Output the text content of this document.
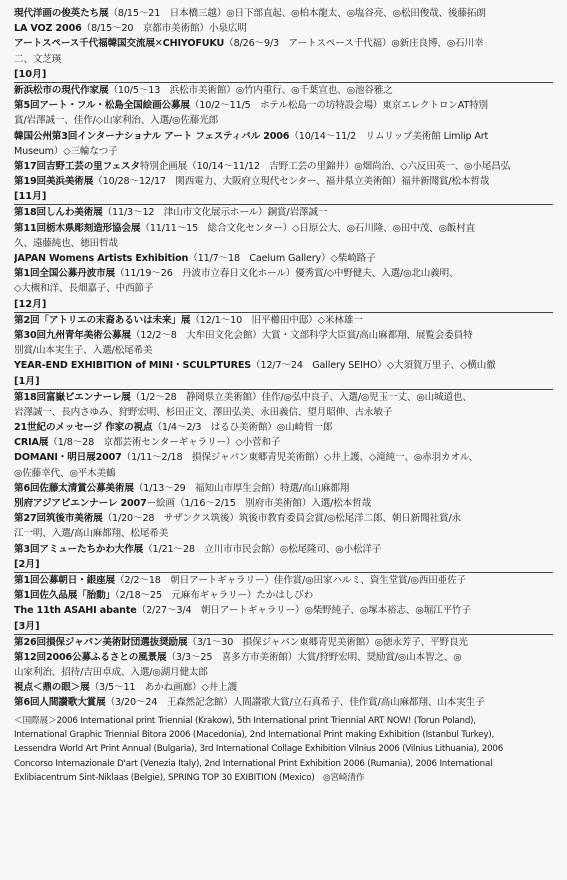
現代洋画の俊英たち展（8/15～21　日本橋三越）◎日下部直起、◎柏本龍太、◎塩谷亮、◎松田俊哉、後藤拓朗
LA VOZ 2006（8/15～20　京都市美術館）小泉広明
アートスペース千代福韓国交流展✕CHIYOFUKU（8/26～9/3　アートスペース千代福）◎新庄良博、◎石川幸
二、文芝瑛
[10月]
新浜松市の現代作家展（10/5～13　浜松市美術館）◎竹内重行、◎千葉宣也、◎池谷雅之
第5回アート・フル・松島全国絵画公募展（10/2～11/5　ホテル松島一の坊特設会場）東京エレクトロンAT特別
賞/岩澤誠一、佳作/◇山家利治、入選/◎佐藤光郎
韓国公州第3回インターナショナル アート フェスティバル 2006（10/14～11/2　リムリップ美術館 Limlip Art
Museum）◇三輪なつ子
第17回吉野工芸の里フェスタ特別企画展（10/14～11/12　吉野工芸の里錦井）◎畑尚治、◇六反田英一、◎小尾昌弘
第19回美浜美術展（10/28～12/17　関西電力、大阪府立現代センター、福井県立美術館）福井新聞賞/松本哲哉
[11月]
第18回しんわ美術展（11/3～12　津山市文化展示ホール）銅賞/岩澤誠一
第11回栃木県彫刻造形協会展（11/11～15　総合文化センター）◇日原公大、◎石川隆、◎田中茂、◎飯村直
久、遠藤純也、徳田哲哉
JAPAN Womens Artists Exhibition（11/7～18　Caelum Gallery）◇柴崎路子
第1回全国公募丹波市展（11/19～26　丹波市立春日文化ホール）優秀賞/◇中野健夫、入選/◎北山義明、
◇大槻和洋、長畑嘉子、中西節子
[12月]
第2回「アトリエの末裔あるいは未来」展（12/1～10　旧平櫛田中邸）◇米林雄一
第30回九州青年美術公募展（12/2～8　大牟田文化会館）大賞・文部科学大臣賞/高山麻都翔、展覧会委員特
別賞/山本実生子、入選/松尾希美
YEAR-END EXHIBITION of MINI・SCULPTURES（12/7～24　Gallery SEIHO）◇大須賀万里子、◇横山徹
[1月]
第18回富嶽ビエンナーレ展（1/2～28　静岡県立美術館）佳作/◎弘中良子、入選/◎児玉一丈、◎山城道也、
岩澤誠一、長内さゆみ、狩野宏明、杉田正文、澤田弘美、永田義信、望月昭伸、古永敏子
21世紀のメッセージ 作家の視点（1/4～2/3　はるひ美術館）◎山崎哲一郎
CRIA展（1/8～28　京都芸術センターギャラリー）◇小菅和子
DOMANI・明日展2007（1/11～2/18　損保ジャパン東郷青児美術館）◇井上護、◇滝純一、◎赤羽カオル、
◎佐藤幸代、◎平木美鶴
第6回佐藤太清賞公募美術展（1/13～29　福知山市厚生会館）特選/高山麻都翔
別府アジアビエンナーレ 2007ー絵画（1/16～2/15　別府市美術館）入選/松本哲哉
第27回筑後市美術展（1/20～28　サザンクス筑後）筑後市教育委員会賞/◎松尾洋二郎、朝日新聞社賞/永
江一明、入選/高山麻都翔、松尾希美
第3回アミューたちかわ大作展（1/21～28　立川市市民会館）◎松尾隆司、◎小松洋子
[2月]
第1回公募朝日・銀座展（2/2～18　朝日アートギャラリー）佳作賞/◎田家ハルミ、資生堂賞/◎西田亜佐子
第1回佐久品展「胎動」（2/18～25　元麻布ギャラリー）たかはしびわ
The 11th ASAHI abante（2/27～3/4　朝日アートギャラリー）◎柴野純子、◎塚本裕志、◎堀江平竹子
[3月]
第26回損保ジャパン美術財団選抜奨励展（3/1～30　損保ジャパン東郷青児美術館）◎徳永芳子、平野良光
第12回2006公募ふるさとの風景展（3/3～25　喜多方市美術館）大賞/狩野宏明、奨励賞/◎山本智之、◎
山家利治、招待/吉田卓成、入選/◎湖月健太郎
視点＜鼎の眼＞展（3/5～11　あかね画廊）◇井上護
第6回人間讃歌大賞展（3/20～24　王森然記念館）人間讃歌大賞/立石真希子、佳作賞/高山麻都翔、山本実生子
＜国際展＞2006 International print Triennial (Krakow), 5th International print Triennial ART NOW! (Torun Poland),
International Graphic Triennial Bitora 2006 (Macedonia), 2nd International Print making Exhibition (Istanbul Turkey),
Lessendra World Art Print Annual (Bulgaria), 3rd International Collage Exhibition Vilnius 2006 (Vilnius Lithuania), 2006
Concorso Internazionale D'art (Venezia Italy), 2nd International Print Exhibition 2006 (Rumania), 2006 International
Exlibiacentrum Sint-Niklaas (Belgie), SPRING TOP 30 EXIBITION (Mexico)　◎宮崎清作
